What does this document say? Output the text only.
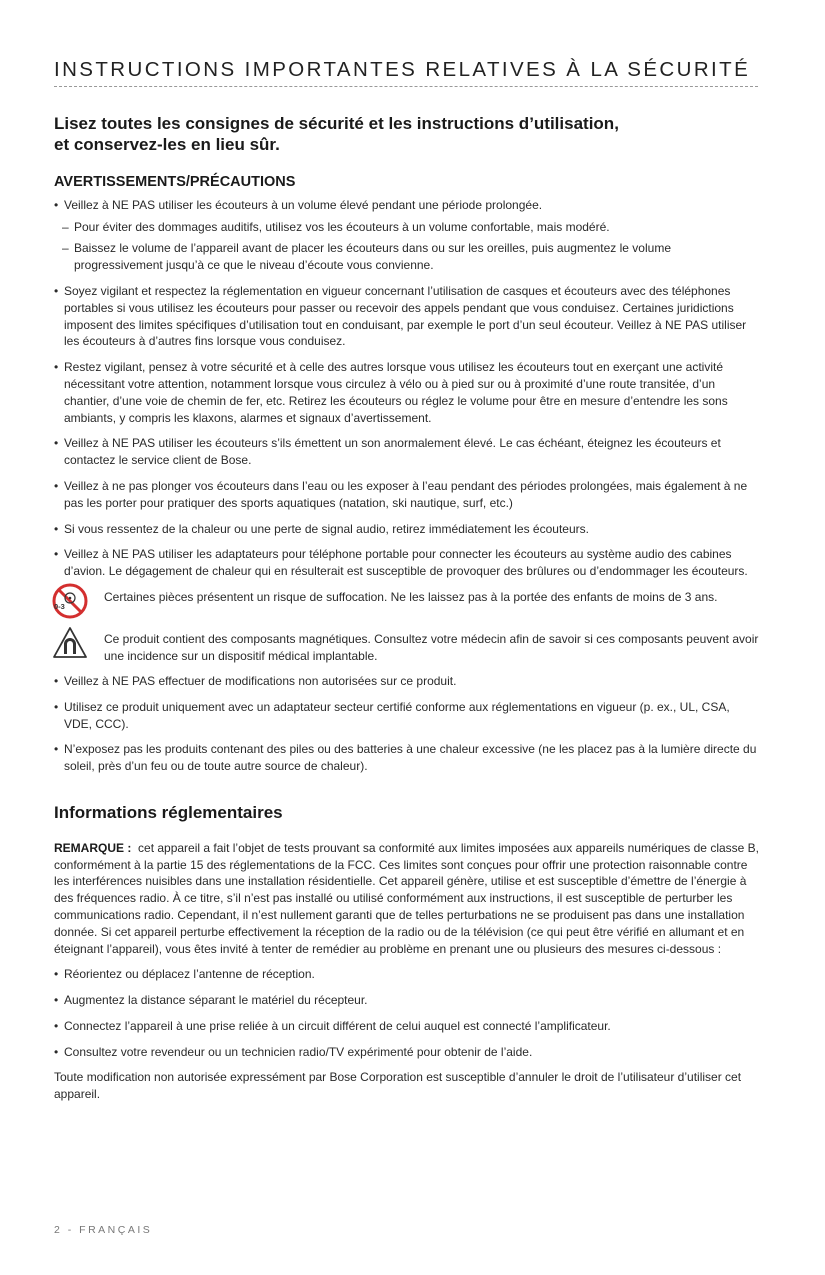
INSTRUCTIONS IMPORTANTES RELATIVES À LA SÉCURITÉ
Lisez toutes les consignes de sécurité et les instructions d’utilisation,
et conservez-les en lieu sûr.
AVERTISSEMENTS/PRÉCAUTIONS
• Veillez à NE PAS utiliser les écouteurs à un volume élevé pendant une période prolongée.
– Pour éviter des dommages auditifs, utilisez vos les écouteurs à un volume confortable, mais modéré.
– Baissez le volume de l’appareil avant de placer les écouteurs dans ou sur les oreilles, puis augmentez le volume progressivement jusqu’à ce que le niveau d’écoute vous convienne.
• Soyez vigilant et respectez la réglementation en vigueur concernant l’utilisation de casques et écouteurs avec des téléphones portables si vous utilisez les écouteurs pour passer ou recevoir des appels pendant que vous conduisez. Certaines juridictions imposent des limites spécifiques d’utilisation tout en conduisant, par exemple le port d’un seul écouteur. Veillez à NE PAS utiliser les écouteurs à d’autres fins lorsque vous conduisez.
• Restez vigilant, pensez à votre sécurité et à celle des autres lorsque vous utilisez les écouteurs tout en exerçant une activité nécessitant votre attention, notamment lorsque vous circulez à vélo ou à pied sur ou à proximité d’une route transitée, d’un chantier, d’une voie de chemin de fer, etc. Retirez les écouteurs ou réglez le volume pour être en mesure d’entendre les sons ambiants, y compris les klaxons, alarmes et signaux d’avertissement.
• Veillez à NE PAS utiliser les écouteurs s’ils émettent un son anormalement élevé. Le cas échéant, éteignez les écouteurs et contactez le service client de Bose.
• Veillez à ne pas plonger vos écouteurs dans l’eau ou les exposer à l’eau pendant des périodes prolongées, mais également à ne pas les porter pour pratiquer des sports aquatiques (natation, ski nautique, surf, etc.)
• Si vous ressentez de la chaleur ou une perte de signal audio, retirez immédiatement les écouteurs.
• Veillez à NE PAS utiliser les adaptateurs pour téléphone portable pour connecter les écouteurs au système audio des cabines d’avion. Le dégagement de chaleur qui en résulterait est susceptible de provoquer des brûlures ou d’endommager les écouteurs.
0-3
Certaines pièces présentent un risque de suffocation. Ne les laissez pas à la portée des enfants de moins de 3 ans.
Ce produit contient des composants magnétiques. Consultez votre médecin afin de savoir si ces composants peuvent avoir une incidence sur un dispositif médical implantable.
• Veillez à NE PAS effectuer de modifications non autorisées sur ce produit.
• Utilisez ce produit uniquement avec un adaptateur secteur certifié conforme aux réglementations en vigueur (p. ex., UL, CSA, VDE, CCC).
• N’exposez pas les produits contenant des piles ou des batteries à une chaleur excessive (ne les placez pas à la lumière directe du soleil, près d’un feu ou de toute autre source de chaleur).
Informations réglementaires
REMARQUE : cet appareil a fait l’objet de tests prouvant sa conformité aux limites imposées aux appareils numériques de classe B, conformément à la partie 15 des réglementations de la FCC. Ces limites sont conçues pour offrir une protection raisonnable contre les interférences nuisibles dans une installation résidentielle. Cet appareil génère, utilise et est susceptible d’émettre de l’énergie à des fréquences radio. À ce titre, s’il n’est pas installé ou utilisé conformément aux instructions, il est susceptible de perturber les communications radio. Cependant, il n’est nullement garanti que de telles perturbations ne se produisent pas dans une installation donnée. Si cet appareil perturbe effectivement la réception de la radio ou de la télévision (ce qui peut être vérifié en allumant et en éteignant l’appareil), vous êtes invité à tenter de remédier au problème en prenant une ou plusieurs des mesures ci-dessous :
• Réorientez ou déplacez l’antenne de réception.
• Augmentez la distance séparant le matériel du récepteur.
• Connectez l’appareil à une prise reliée à un circuit différent de celui auquel est connecté l’amplificateur.
• Consultez votre revendeur ou un technicien radio/TV expérimenté pour obtenir de l’aide.
Toute modification non autorisée expressément par Bose Corporation est susceptible d’annuler le droit de l’utilisateur d’utiliser cet appareil.
2 - FRANÇAIS
